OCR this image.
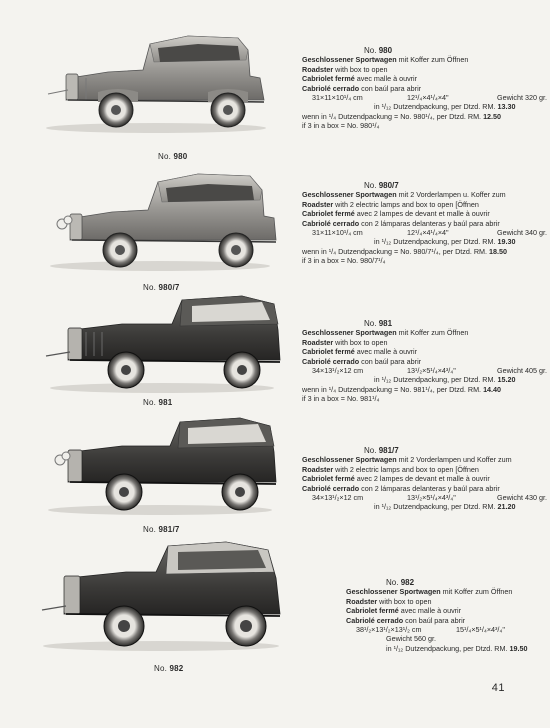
No. 980
No. 980
Geschlossener Sportwagen mit Koffer zum Öffnen
Roadster with box to open
Cabriolet fermé avec malle à ouvrir
Cabriolé cerrado con baúl para abrir
31×11×10¹/₄ cm	12¹/₄×4¹/₄×4"	Gewicht 320 gr.
in ¹/₁₂ Dutzendpackung, per Dtzd. RM. 13.30
wenn in ¹/₄ Dutzendpackung = No. 980¹/₄, per Dtzd. RM. 12.50
if 3 in a box = No. 980¹/₄
No. 980/7
No. 980/7
Geschlossener Sportwagen mit 2 Vorderlampen u. Koffer zum
Roadster with 2 electric lamps and box to open [Öffnen
Cabriolet fermé avec 2 lampes de devant et malle à ouvrir
Cabriolé cerrado con 2 lámparas delanteras y baúl para abrir
31×11×10¹/₄ cm	12¹/₄×4¹/₄×4"	Gewicht 340 gr.
in ¹/₁₂ Dutzendpackung, per Dtzd. RM. 19.30
wenn in ¹/₄ Dutzendpackung = No. 980/7¹/₄, per Dtzd. RM. 18.50
if 3 in a box = No. 980/7¹/₄
No. 981
No. 981
Geschlossener Sportwagen mit Koffer zum Öffnen
Roadster with box to open
Cabriolet fermé avec malle à ouvrir
Cabriolé cerrado con baúl para abrir
34×13¹/₂×12 cm	13¹/₂×5¹/₄×4³/₄"	Gewicht 405 gr.
in ¹/₁₂ Dutzendpackung, per Dtzd. RM. 15.20
wenn in ¹/₄ Dutzendpackung = No. 981¹/₄, per Dtzd. RM. 14.40
if 3 in a box = No. 981¹/₄
No. 981/7
No. 981/7
Geschlossener Sportwagen mit 2 Vorderlampen und Koffer zum
Roadster with 2 electric lamps and box to open [Öffnen
Cabriolet fermé avec 2 lampes de devant et malle à ouvrir
Cabriolé cerrado con 2 lámparas delanteras y baúl para abrir
34×13¹/₂×12 cm	13¹/₂×5¹/₄×4³/₄"	Gewicht 430 gr.
in ¹/₁₂ Dutzendpackung, per Dtzd. RM. 21.20
No. 982
No. 982
Geschlossener Sportwagen mit Koffer zum Öffnen
Roadster with box to open
Cabriolet fermé avec malle à ouvrir
Cabriolé cerrado con baúl para abrir
38¹/₂×13¹/₂×13¹/₂ cm	15¹/₄×5¹/₄×4³/₄"
Gewicht 560 gr.
in ¹/₁₂ Dutzendpackung, per Dtzd. RM. 19.50
41
